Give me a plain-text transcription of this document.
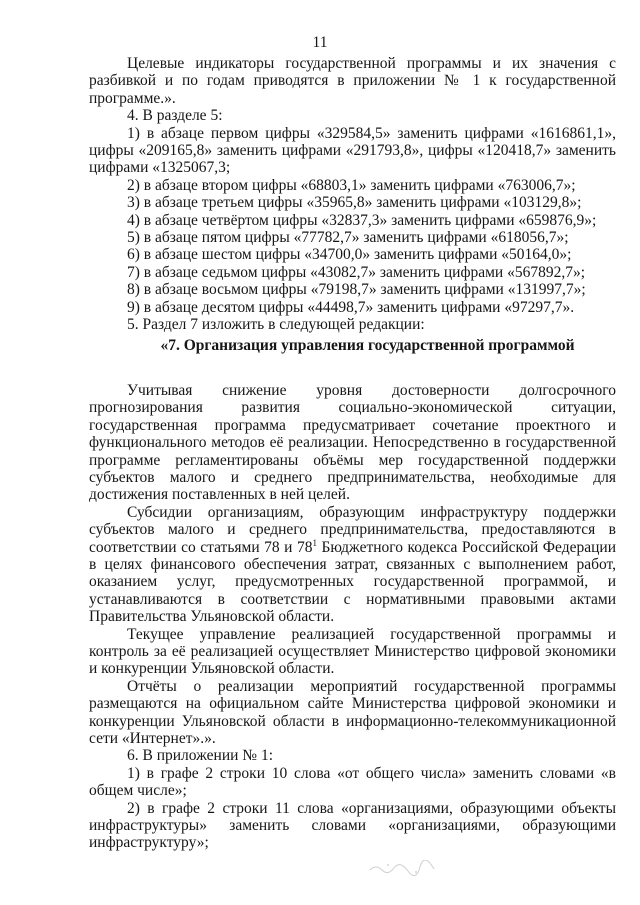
11

Целевые индикаторы государственной программы и их значения с разбивкой и по годам приводятся в приложении № 1 к государственной программе.».

4. В разделе 5:

1) в абзаце первом цифры «329584,5» заменить цифрами «1616861,1», цифры «209165,8» заменить цифрами «291793,8», цифры «120418,7» заменить цифрами «1325067,3;

2) в абзаце втором цифры «68803,1» заменить цифрами «763006,7»;

3) в абзаце третьем цифры «35965,8» заменить цифрами «103129,8»;

4) в абзаце четвёртом цифры «32837,3» заменить цифрами «659876,9»;

5) в абзаце пятом цифры «77782,7» заменить цифрами «618056,7»;

6) в абзаце шестом цифры «34700,0» заменить цифрами «50164,0»;

7) в абзаце седьмом цифры «43082,7» заменить цифрами «567892,7»;

8) в абзаце восьмом цифры «79198,7» заменить цифрами «131997,7»;

9) в абзаце десятом цифры «44498,7» заменить цифрами «97297,7».

5. Раздел 7 изложить в следующей редакции:

«7. Организация управления государственной программой

Учитывая снижение уровня достоверности долгосрочного прогнозирования развития социально-экономической ситуации, государственная программа предусматривает сочетание проектного и функционального методов её реализации. Непосредственно в государственной программе регламентированы объёмы мер государственной поддержки субъектов малого и среднего предпринимательства, необходимые для достижения поставленных в ней целей.

Субсидии организациям, образующим инфраструктуру поддержки субъектов малого и среднего предпринимательства, предоставляются в соответствии со статьями 78 и $78^1$ Бюджетного кодекса Российской Федерации в целях финансового обеспечения затрат, связанных с выполнением работ, оказанием услуг, предусмотренных государственной программой, и устанавливаются в соответствии с нормативными правовыми актами Правительства Ульяновской области.

Текущее управление реализацией государственной программы и контроль за её реализацией осуществляет Министерство цифровой экономики и конкуренции Ульяновской области.

Отчёты о реализации мероприятий государственной программы размещаются на официальном сайте Министерства цифровой экономики и конкуренции Ульяновской области в информационно-телекоммуникационной сети «Интернет».».

6. В приложении № 1:

1) в графе 2 строки 10 слова «от общего числа» заменить словами «в общем числе»;

2) в графе 2 строки 11 слова «организациями, образующими объекты инфраструктуры» заменить словами «организациями, образующими инфраструктуру»;
